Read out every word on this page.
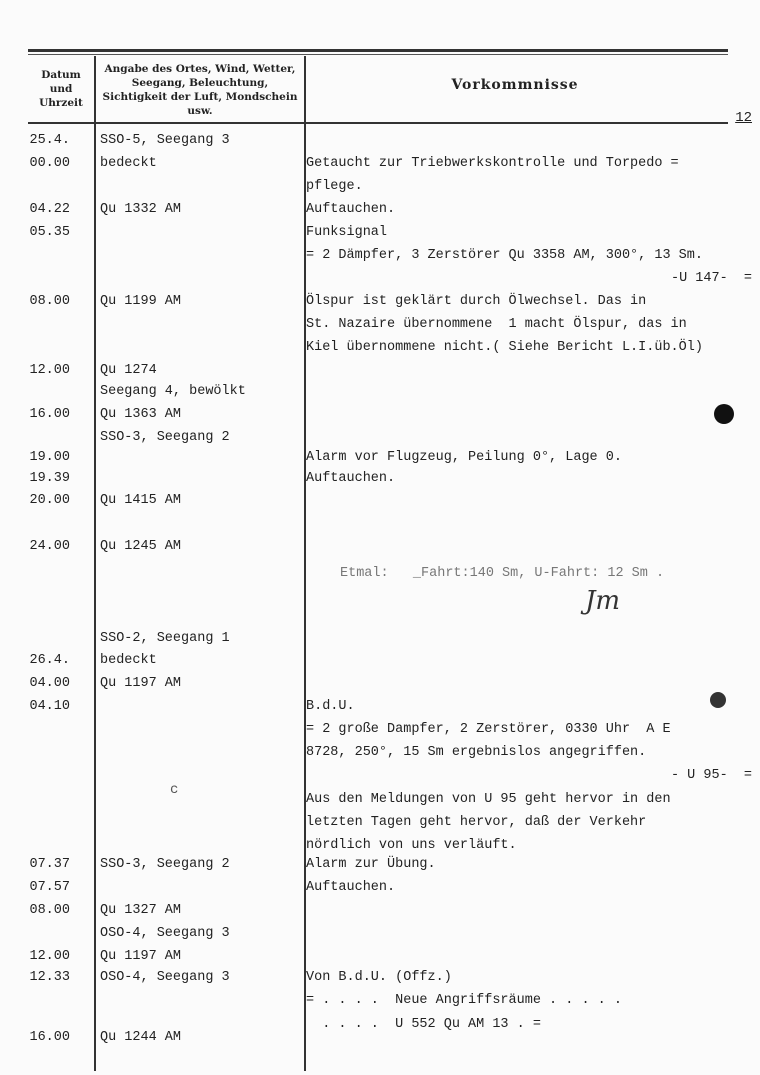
Datum und Uhrzeit
Angabe des Ortes, Wind, Wetter, Seegang, Beleuchtung, Sichtigkeit der Luft, Mondschein usw.
Vorkommnisse
12
25.4. SSO-5, Seegang 3
00.00 bedeckt	Getaucht zur Triebwerkskontrolle und Torpedo =
pflege.
04.22 Qu 1332 AM	Auftauchen.
05.35	Funksignal
= 2 Dämpfer, 3 Zerstörer Qu 3358 AM, 300°, 13 Sm.
-U 147-  =
08.00 Qu 1199 AM	Ölspur ist geklärt durch Ölwechsel. Das in
St. Nazaire übernommene  1 macht Ölspur, das in
Kiel übernommene nicht.( Siehe Bericht L.I.üb.Öl)
12.00 Qu 1274
Seegang 4, bewölkt
16.00 Qu 1363 AM
SSO-3, Seegang 2
19.00	Alarm vor Flugzeug, Peilung 0°, Lage 0.
19.39	Auftauchen.
20.00 Qu 1415 AM
24.00 Qu 1245 AM
Etmal:   _Fahrt:140 Sm, U-Fahrt: 12 Sm .
SSO-2, Seegang 1
26.4. bedeckt
04.00 Qu 1197 AM
04.10	B.d.U.
= 2 große Dampfer, 2 Zerstörer, 0330 Uhr  A E
8728, 250°, 15 Sm ergebnislos angegriffen.
- U 95-  =
Aus den Meldungen von U 95 geht hervor in den
letzten Tagen geht hervor, daß der Verkehr
nördlich von uns verläuft.
07.37 SSO-3, Seegang 2	Alarm zur Übung.
07.57	Auftauchen.
08.00 Qu 1327 AM
OSO-4, Seegang 3
12.00 Qu 1197 AM
12.33 OSO-4, Seegang 3	Von B.d.U. (Offz.)
= . . . .  Neue Angriffsräume . . . . .
. . . .  U 552 Qu AM 13 . =
16.00 Qu 1244 AM
Jm
c
